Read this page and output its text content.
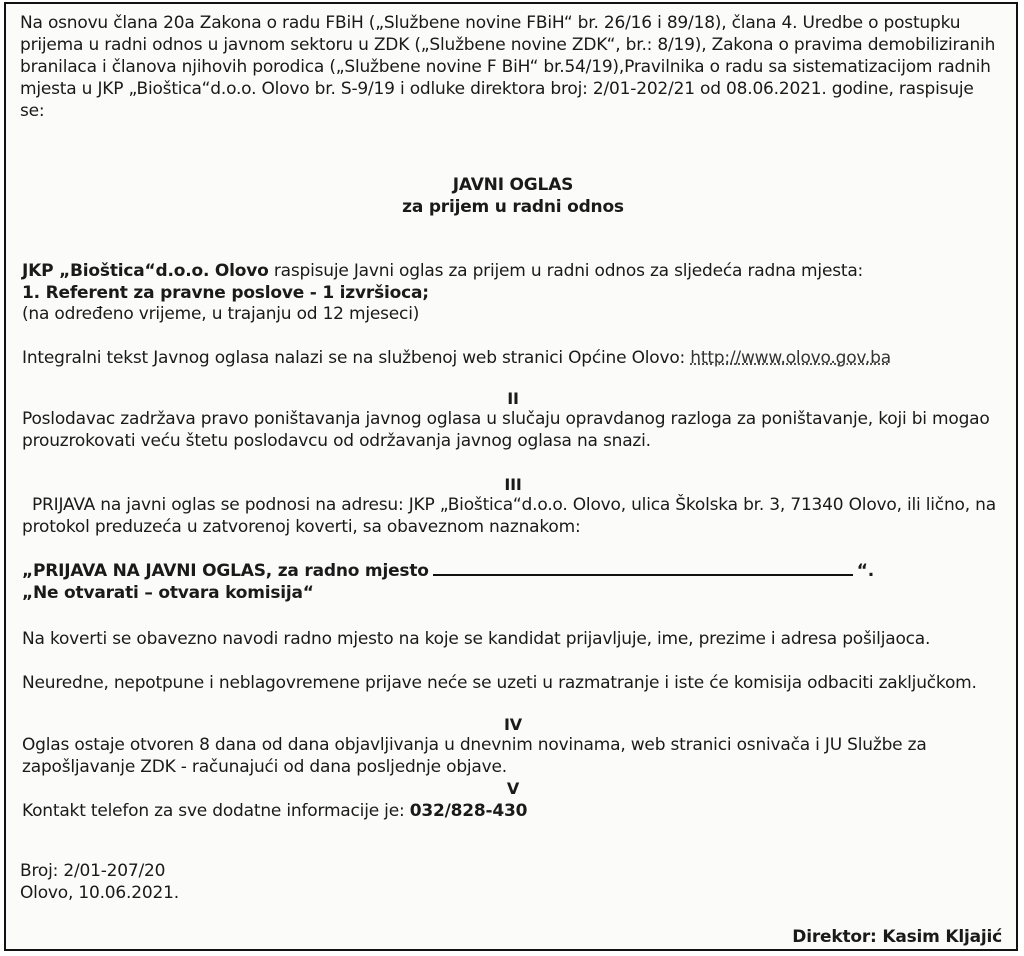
Na osnovu člana 20a Zakona o radu FBiH („Službene novine FBiH“ br. 26/16 i 89/18), člana 4. Uredbe o postupku
prijema u radni odnos u javnom sektoru u ZDK („Službene novine ZDK“, br.: 8/19), Zakona o pravima demobiliziranih
branilaca i članova njihovih porodica („Službene novine F BiH“ br.54/19),Pravilnika o radu sa sistematizacijom radnih
mjesta u JKP „Bioštica“d.o.o. Olovo br. S-9/19 i odluke direktora broj: 2/01-202/21 od 08.06.2021. godine, raspisuje
se:
JAVNI OGLAS
za prijem u radni odnos
JKP „Bioštica“d.o.o. Olovo raspisuje Javni oglas za prijem u radni odnos za sljedeća radna mjesta:
1. Referent za pravne poslove - 1 izvršioca;
(na određeno vrijeme, u trajanju od 12 mjeseci)
Integralni tekst Javnog oglasa nalazi se na službenoj web stranici Općine Olovo: http://www.olovo.gov.ba
II
Poslodavac zadržava pravo poništavanja javnog oglasa u slučaju opravdanog razloga za poništavanje, koji bi mogao
prouzrokovati veću štetu poslodavcu od održavanja javnog oglasa na snazi.
III
PRIJAVA na javni oglas se podnosi na adresu: JKP „Bioštica“d.o.o. Olovo, ulica Školska br. 3, 71340 Olovo, ili lično, na
protokol preduzeća u zatvorenoj koverti, sa obaveznom naznakom:
„PRIJAVA NA JAVNI OGLAS, za radno mjesto	“.
„Ne otvarati – otvara komisija“
Na koverti se obavezno navodi radno mjesto na koje se kandidat prijavljuje, ime, prezime i adresa pošiljaoca.
Neuredne, nepotpune i neblagovremene prijave neće se uzeti u razmatranje i iste će komisija odbaciti zaključkom.
IV
Oglas ostaje otvoren 8 dana od dana objavljivanja u dnevnim novinama, web stranici osnivača i JU Službe za
zapošljavanje ZDK - računajući od dana posljednje objave.
V
Kontakt telefon za sve dodatne informacije je: 032/828-430
Broj: 2/01-207/20
Olovo, 10.06.2021.
Direktor: Kasim Kljajić
